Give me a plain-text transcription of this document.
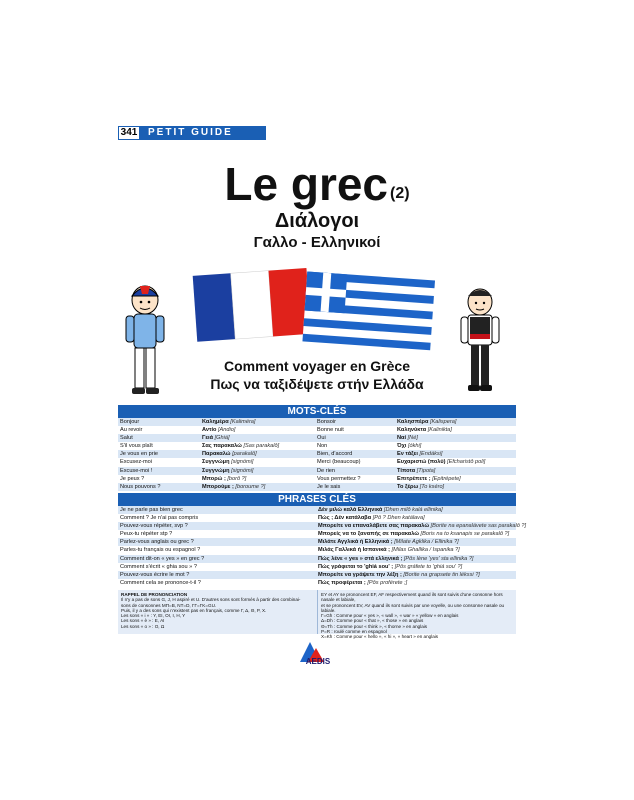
341 PETIT GUIDE
Le grec $_{(2)}$
Διάλογοι
Γαλλο - Ελληνικοί
Comment voyager en Grèce
Πως να ταξιδέψετε στήν Ελλάδα
MOTS-CLÉS
Bonjour	Καλημέρα [Kaliméra]	Bonsoir	Καλησπέρα [Kalispera]
Au revoir	Αντίο [Andio]	Bonne nuit	Καληνύκτα [Kalinikta]
Salut	Γειά [Ghiá]	Oui	Ναί [Né]
S'il vous plaît	Σας παρακαλώ [Sas parakalô]	Non	Όχι [ókhi]
Je vous en prie	Παρακαλώ [parakalô]	Bien, d'accord	Εν τάξει [Endáksi]
Excusez-moi	Συγγνώμη [signómi]	Merci (beaucoup)	Ευχαριστώ (πολύ) [Efcharistô poli]
Excuse-moi !	Συγγνώμη [signómi]	De rien	Τίποτα [Tipota]
Je peux ?	Μπορώ ; [borô ?]	Vous permettez ?	Επιτρέπετε ; [Epitrépete]
Nous pouvons ?	Μπορούμε ; [boroume ?]	Je le sais	Το ξέρω [To kséro]
PHRASES CLÉS
Je ne parle pas bien grec	Δέν μιλώ καλά Ελληνικά [Dhen milô kalá ellinika]
Comment ? Je n'ai pas compris	Πώς ; Δέν κατάλαβα [Pô ? Dhen katálava]
Pouvez-vous répéter, svp ?	Μπορείτε να επαναλάβετε σας παρακαλώ [Borite na epanalávete sas parakalô ?]
Peux-tu répéter stp ?	Μπορείς να το ξαναπής σε παρακαλώ [Boris na to ksanapis se parakalô ?]
Parlez-vous anglais ou grec ?	Μιλάτε Αγγλικά ή Ελληνικά ; [Milate Agklika / Ellinika ?]
Parles-tu français ou espagnol ?	Μιλάς Γαλλικά ή Ισπανικά ; [Milas Ghallika / Ispanika ?]
Comment dit-on « yes » en grec ?	Πώς λένε « yes » στά ελληνικά ; [Pôs lène 'yes' sta ellinika ?]
Comment s'écrit « ghia sou » ?	Πώς γράφεται το 'ghiá sou' ; [Pôs gráfete to 'ghiá sou' ?]
Pouvez-vous écrire le mot ?	Μπορείτε να γράψετε την λέξη ; [Borite na grapsete tin lékssi ?]
Comment cela se prononce-t-il ?	Πώς προφέρεται ; [Pôs proférete ;]
RAPPEL DE PRONONCIATION
Il n'y a pas de sons G, J, H aspiré et U. D'autres sons sont formés à partir des combinai-
sons de consonnes ΜΠ=B, ΝΤ=D, ΓΓ=ΓΚ=GU.
Puis, il y a des sons qui n'existent pas en français, comme Γ, Δ, Θ, Ρ, Χ.
Les sons « i » : Υ, ΕΙ, ΟΙ, Ι, Η, Υ
Les sons « è » : Ε, ΑΙ
Les sons « o » : Ο, Ω
EY et AY se prononcent EF, AF respectivement quand ils sont suivis d'une consonne hors nasale et labiale,
et se prononcent EV, AV quand ils sont suivis par une voyelle, ou une consonne nasale ou labiale.
Γ=Gh : Comme pour « yes », « wall », « war » « yellow » en anglais
Δ=Dh : Comme pour « that », « those » en anglais
Θ=Th : Comme pour « think », « thorne » en anglais
Ρ=R : roulé comme en espagnol
Χ=Kh : Comme pour « hello », « hi », « heart » en anglais
AEDIS
